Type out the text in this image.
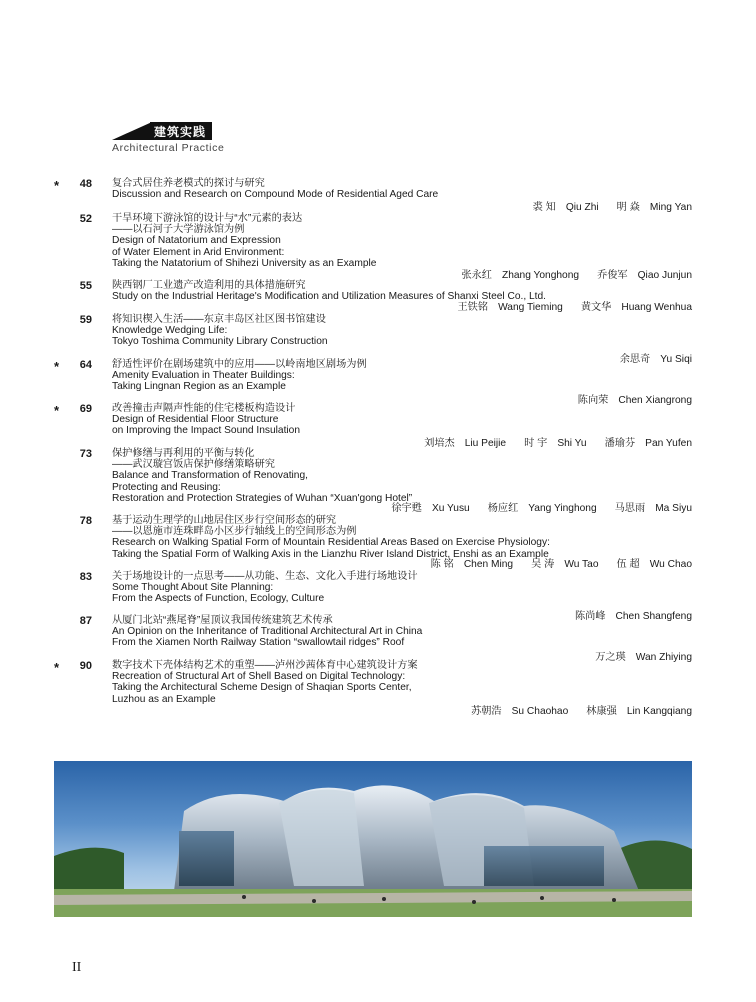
建筑实践
Architectural Practice
*	48 复合式居住养老模式的探讨与研究
Discussion and Research on Compound Mode of Residential Aged Care
裘 知 Qiu Zhi 明 焱 Ming Yan
52 干旱环境下游泳馆的设计与“水”元素的表达
——以石河子大学游泳馆为例
Design of Natatorium and Expression
of Water Element in Arid Environment:
Taking the Natatorium of Shihezi University as an Example
张永红 Zhang Yonghong 乔俊军 Qiao Junjun
55 陕西钢厂工业遗产改造利用的具体措施研究
Study on the Industrial Heritage's Modification and Utilization Measures of Shanxi Steel Co., Ltd.
王铁铭 Wang Tieming 黄文华 Huang Wenhua
59 将知识楔入生活——东京丰岛区社区图书馆建设
Knowledge Wedging Life:
Tokyo Toshima Community Library Construction
余思奇 Yu Siqi
*	64 舒适性评价在剧场建筑中的应用——以岭南地区剧场为例
Amenity Evaluation in Theater Buildings:
Taking Lingnan Region as an Example
陈向荣 Chen Xiangrong
*	69 改善撞击声隔声性能的住宅楼板构造设计
Design of Residential Floor Structure
on Improving the Impact Sound Insulation
刘培杰 Liu Peijie 时 宇 Shi Yu 潘瑜芬 Pan Yufen
73 保护修缮与再利用的平衡与转化
——武汉璇宫饭店保护修缮策略研究
Balance and Transformation of Renovating,
Protecting and Reusing:
Restoration and Protection Strategies of Wuhan “Xuan'gong Hotel”
徐宇甦 Xu Yusu 杨应红 Yang Yinghong 马思雨 Ma Siyu
78 基于运动生理学的山地居住区步行空间形态的研究
——以恩施市连珠畔岛小区步行轴线上的空间形态为例
Research on Walking Spatial Form of Mountain Residential Areas Based on Exercise Physiology:
Taking the Spatial Form of Walking Axis in the Lianzhu River Island District, Enshi as an Example
陈 铭 Chen Ming 吴 涛 Wu Tao 伍 超 Wu Chao
83 关于场地设计的一点思考——从功能、生态、文化入手进行场地设计
Some Thought About Site Planning:
From the Aspects of Function, Ecology, Culture
陈尚峰 Chen Shangfeng
87 从厦门北站“燕尾脊”屋顶议我国传统建筑艺术传承
An Opinion on the Inheritance of Traditional Architectural Art in China
From the Xiamen North Railway Station “swallowtail ridges” Roof
万之瑛 Wan Zhiying
*	90 数字技术下壳体结构艺术的重塑——泸州沙茜体育中心建筑设计方案
Recreation of Structural Art of Shell Based on Digital Technology:
Taking the Architectural Scheme Design of Shaqian Sports Center,
Luzhou as an Example
苏朝浩 Su Chaohao 林康强 Lin Kangqiang
II
